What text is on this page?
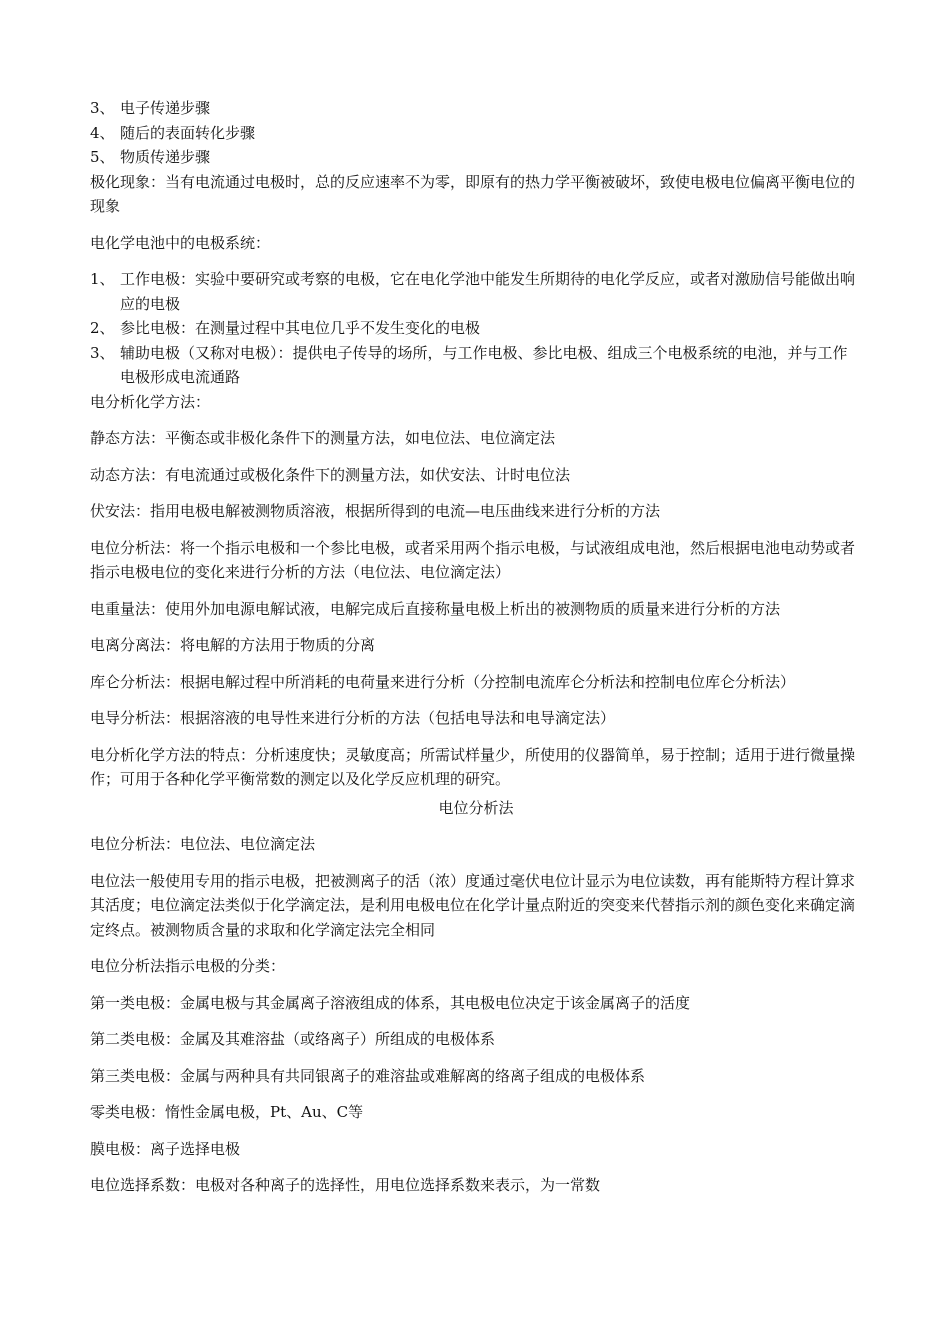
3、 电子传递步骤
4、 随后的表面转化步骤
5、 物质传递步骤
极化现象：当有电流通过电极时，总的反应速率不为零，即原有的热力学平衡被破坏，致使电极电位偏离平衡电位的现象
电化学电池中的电极系统：
1、 工作电极：实验中要研究或考察的电极，它在电化学池中能发生所期待的电化学反应，或者对激励信号能做出响应的电极
2、 参比电极：在测量过程中其电位几乎不发生变化的电极
3、 辅助电极（又称对电极）：提供电子传导的场所，与工作电极、参比电极、组成三个电极系统的电池，并与工作电极形成电流通路
电分析化学方法：
静态方法：平衡态或非极化条件下的测量方法，如电位法、电位滴定法
动态方法：有电流通过或极化条件下的测量方法，如伏安法、计时电位法
伏安法：指用电极电解被测物质溶液，根据所得到的电流—电压曲线来进行分析的方法
电位分析法：将一个指示电极和一个参比电极，或者采用两个指示电极，与试液组成电池，然后根据电池电动势或者指示电极电位的变化来进行分析的方法（电位法、电位滴定法）
电重量法：使用外加电源电解试液，电解完成后直接称量电极上析出的被测物质的质量来进行分析的方法
电离分离法：将电解的方法用于物质的分离
库仑分析法：根据电解过程中所消耗的电荷量来进行分析（分控制电流库仑分析法和控制电位库仑分析法）
电导分析法：根据溶液的电导性来进行分析的方法（包括电导法和电导滴定法）
电分析化学方法的特点：分析速度快；灵敏度高；所需试样量少，所使用的仪器简单，易于控制；适用于进行微量操作；可用于各种化学平衡常数的测定以及化学反应机理的研究。
电位分析法
电位分析法：电位法、电位滴定法
电位法一般使用专用的指示电极，把被测离子的活（浓）度通过毫伏电位计显示为电位读数，再有能斯特方程计算求其活度；电位滴定法类似于化学滴定法，是利用电极电位在化学计量点附近的突变来代替指示剂的颜色变化来确定滴定终点。被测物质含量的求取和化学滴定法完全相同
电位分析法指示电极的分类：
第一类电极：金属电极与其金属离子溶液组成的体系，其电极电位决定于该金属离子的活度
第二类电极：金属及其难溶盐（或络离子）所组成的电极体系
第三类电极：金属与两种具有共同银离子的难溶盐或难解离的络离子组成的电极体系
零类电极：惰性金属电极，Pt、Au、C等
膜电极：离子选择电极
电位选择系数：电极对各种离子的选择性，用电位选择系数来表示，为一常数
